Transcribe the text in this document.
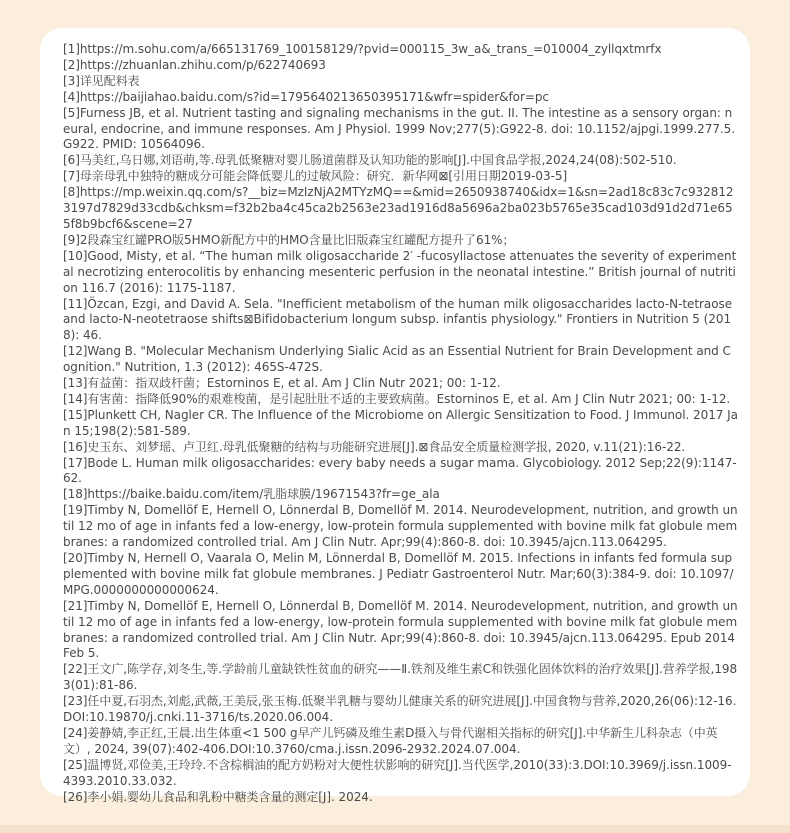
[1]https://m.sohu.com/a/665131769_100158129/?pvid=000115_3w_a&_trans_=010004_zyllqxtmrfx
[2]https://zhuanlan.zhihu.com/p/622740693
[3]详见配料表
[4]https://baijiahao.baidu.com/s?id=1795640213650395171&wfr=spider&for=pc
[5]Furness JB, et al. Nutrient tasting and signaling mechanisms in the gut. II. The intestine as a sensory organ: neural, endocrine, and immune responses. Am J Physiol. 1999 Nov;277(5):G922-8. doi: 10.1152/ajpgi.1999.277.5.G922. PMID: 10564096.
[6]马美红,乌日娜,刘语萌,等.母乳低聚糖对婴儿肠道菌群及认知功能的影响[J].中国食品学报,2024,24(08):502-510.
[7]母亲母乳中独特的糖成分可能会降低婴儿的过敏风险：研究．新华网⊠[引用日期2019-03-5]
[8]https://mp.weixin.qq.com/s?__biz=MzIzNjA2MTYzMQ==&mid=2650938740&idx=1&sn=2ad18c83c7c9328123197d7829d33cdb&chksm=f32b2ba4c45ca2b2563e23ad1916d8a5696a2ba023b5765e35cad103d91d2d71e655f8b9bcf6&scene=27
[9]2段森宝红罐PRO版5HMO新配方中的HMO含量比旧版森宝红罐配方提升了61%；
[10]Good, Misty, et al. “The human milk oligosaccharide 2′ -fucosyllactose attenuates the severity of experimental necrotizing enterocolitis by enhancing mesenteric perfusion in the neonatal intestine.” British journal of nutrition 116.7 (2016): 1175-1187.
[11]Özcan, Ezgi, and David A. Sela. "Inefficient metabolism of the human milk oligosaccharides lacto-N-tetraose and lacto-N-neotetraose shifts⊠Bifidobacterium longum subsp. infantis physiology." Frontiers in Nutrition 5 (2018): 46.
[12]Wang B. "Molecular Mechanism Underlying Sialic Acid as an Essential Nutrient for Brain Development and Cognition." Nutrition, 1.3 (2012): 465S-472S.
[13]有益菌：指双歧杆菌；Estorninos E, et al. Am J Clin Nutr 2021; 00: 1-12.
[14]有害菌：指降低90%的艰难梭菌，是引起肚肚不适的主要致病菌。Estorninos E, et al. Am J Clin Nutr 2021; 00: 1-12.
[15]Plunkett CH, Nagler CR. The Influence of the Microbiome on Allergic Sensitization to Food. J Immunol. 2017 Jan 15;198(2):581-589.
[16]史玉东、刘梦瑶、卢卫红.母乳低聚糖的结构与功能研究进展[J].⊠食品安全质量检测学报, 2020, v.11(21):16-22.
[17]Bode L. Human milk oligosaccharides: every baby needs a sugar mama. Glycobiology. 2012 Sep;22(9):1147-62.
[18]https://baike.baidu.com/item/乳脂球膜/19671543?fr=ge_ala
[19]Timby N, Domellöf E, Hernell O, Lönnerdal B, Domellöf M. 2014. Neurodevelopment, nutrition, and growth until 12 mo of age in infants fed a low-energy, low-protein formula supplemented with bovine milk fat globule membranes: a randomized controlled trial. Am J Clin Nutr. Apr;99(4):860-8. doi: 10.3945/ajcn.113.064295.
[20]Timby N, Hernell O, Vaarala O, Melin M, Lönnerdal B, Domellöf M. 2015. Infections in infants fed formula supplemented with bovine milk fat globule membranes. J Pediatr Gastroenterol Nutr. Mar;60(3):384-9. doi: 10.1097/MPG.0000000000000624.
[21]Timby N, Domellöf E, Hernell O, Lönnerdal B, Domellöf M. 2014. Neurodevelopment, nutrition, and growth until 12 mo of age in infants fed a low-energy, low-protein formula supplemented with bovine milk fat globule membranes: a randomized controlled trial. Am J Clin Nutr. Apr;99(4):860-8. doi: 10.3945/ajcn.113.064295. Epub 2014 Feb 5.
[22]王文广,陈学存,刘冬生,等.学龄前儿童缺铁性贫血的研究——Ⅱ.铁剂及维生素C和铁强化固体饮料的治疗效果[J].营养学报,1983(01):81-86.
[23]任中夏,石羽杰,刘彪,武薇,王美辰,张玉梅.低聚半乳糖与婴幼儿健康关系的研究进展[J].中国食物与营养,2020,26(06):12-16.DOI:10.19870/j.cnki.11-3716/ts.2020.06.004.
[24]姜静婧,李正红,王晨.出生体重<1 500 g早产儿钙磷及维生素D摄入与骨代谢相关指标的研究[J].中华新生儿科杂志（中英文）, 2024, 39(07):402-406.DOI:10.3760/cma.j.issn.2096-2932.2024.07.004.
[25]温博贤,邓俭美,王玲玲.不含棕榈油的配方奶粉对大便性状影响的研究[J].当代医学,2010(33):3.DOI:10.3969/j.issn.1009-4393.2010.33.032.
[26]李小娟.婴幼儿食品和乳粉中糖类含量的测定[J]. 2024.
